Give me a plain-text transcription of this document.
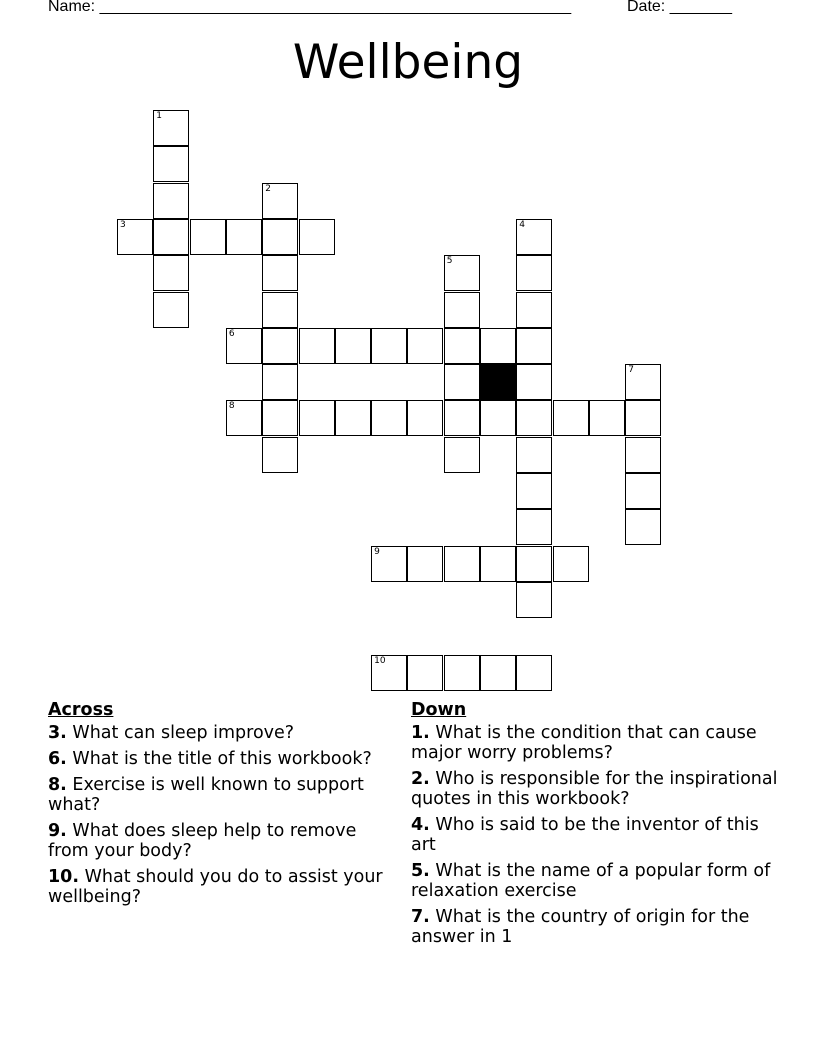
Name: _____________________________________________________	Date: _______
Wellbeing
1
2
3	4
5
6
7
8
9
10
Across
3. What can sleep improve?
6. What is the title of this workbook?
8. Exercise is well known to support what?
9. What does sleep help to remove from your body?
10. What should you do to assist your wellbeing?
Down
1. What is the condition that can cause major worry problems?
2. Who is responsible for the inspirational quotes in this workbook?
4. Who is said to be the inventor of this art
5. What is the name of a popular form of relaxation exercise
7. What is the country of origin for the answer in 1
